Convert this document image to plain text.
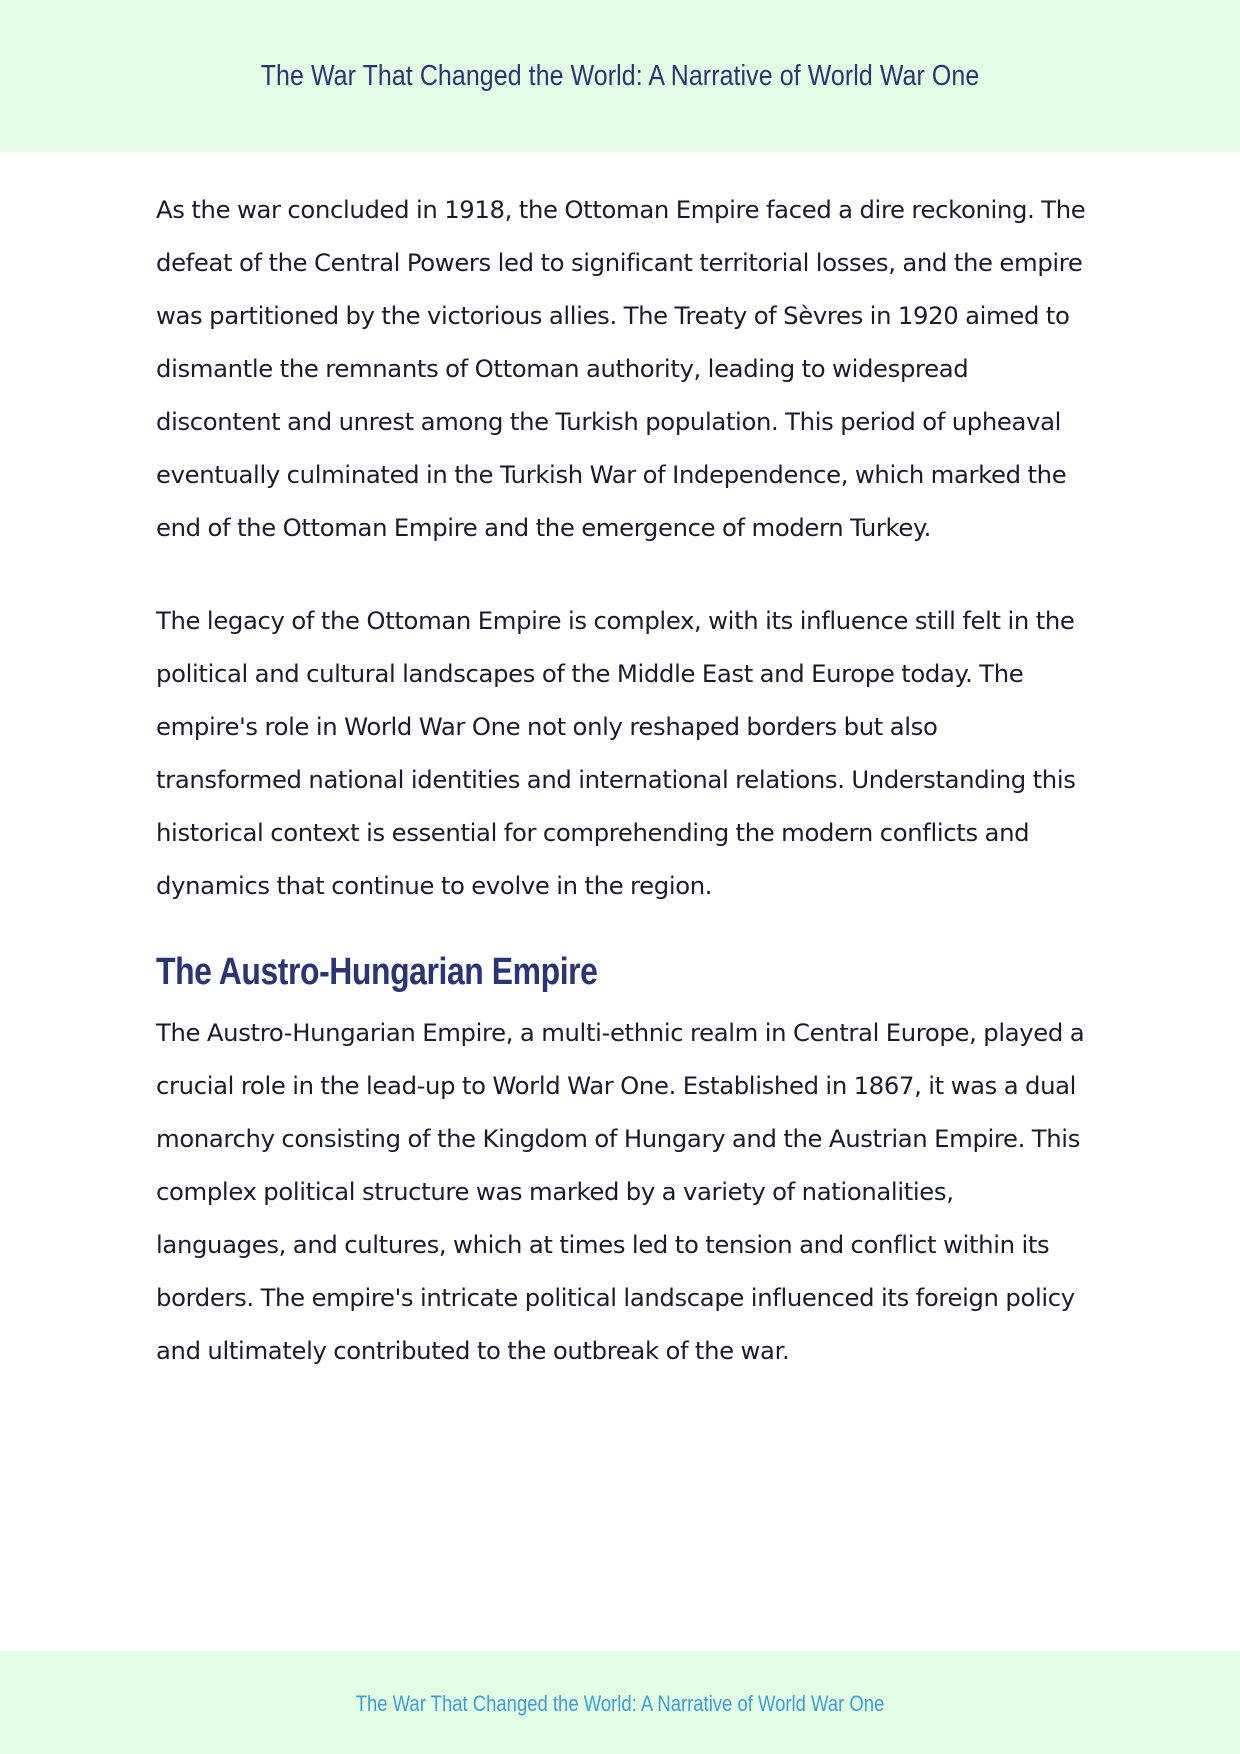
The War That Changed the World: A Narrative of World War One

As the war concluded in 1918, the Ottoman Empire faced a dire reckoning. The defeat of the Central Powers led to significant territorial losses, and the empire was partitioned by the victorious allies. The Treaty of Sèvres in 1920 aimed to dismantle the remnants of Ottoman authority, leading to widespread discontent and unrest among the Turkish population. This period of upheaval eventually culminated in the Turkish War of Independence, which marked the end of the Ottoman Empire and the emergence of modern Turkey.

The legacy of the Ottoman Empire is complex, with its influence still felt in the political and cultural landscapes of the Middle East and Europe today. The empire's role in World War One not only reshaped borders but also transformed national identities and international relations. Understanding this historical context is essential for comprehending the modern conflicts and dynamics that continue to evolve in the region.

The Austro-Hungarian Empire

The Austro-Hungarian Empire, a multi-ethnic realm in Central Europe, played a crucial role in the lead-up to World War One. Established in 1867, it was a dual monarchy consisting of the Kingdom of Hungary and the Austrian Empire. This complex political structure was marked by a variety of nationalities, languages, and cultures, which at times led to tension and conflict within its borders. The empire's intricate political landscape influenced its foreign policy and ultimately contributed to the outbreak of the war.

The War That Changed the World: A Narrative of World War One
